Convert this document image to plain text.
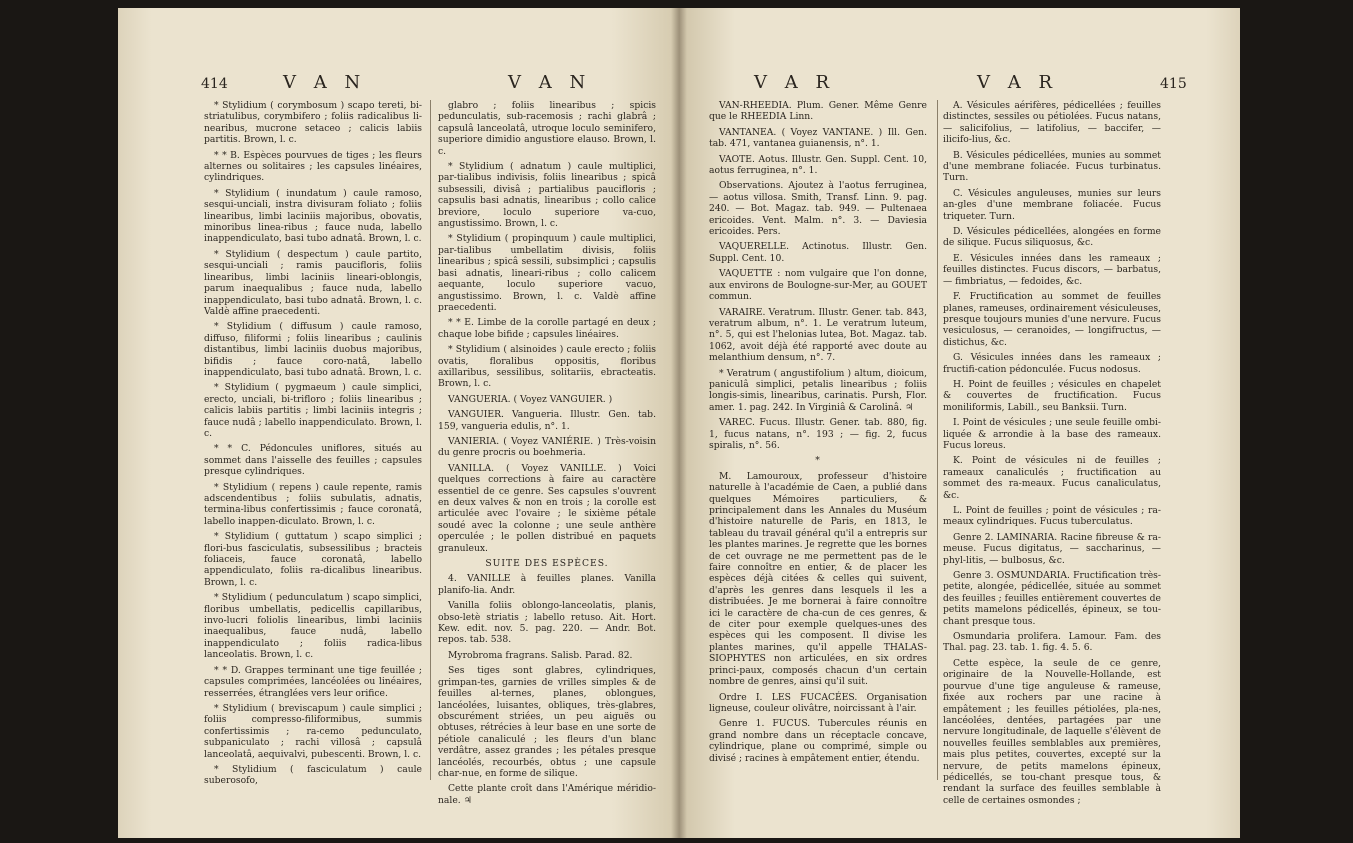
414	V A N	V A N

* Stylidium ( corymbosum ) scapo tereti, bi-striatulibus, corymbifero ; foliis radicalibus li-nearibus, mucrone setaceo ; calicis labiis partitis. Brown, l. c.

* * B. Espèces pourvues de tiges ; les fleurs alternes ou solitaires ; les capsules linéaires, cylindriques.

* Stylidium ( inundatum ) caule ramoso, sesqui-unciali, instra divisuram foliato ; foliis linearibus, limbi laciniis majoribus, obovatis, minoribus linea-ribus ; fauce nuda, labello inappendiculato, basi tubo adnatâ. Brown, l. c.

* Stylidium ( despectum ) caule partito, sesqui-unciali ; ramis paucifloris, foliis linearibus, limbi laciniis lineari-oblongis, parum inaequalibus ; fauce nuda, labello inappendiculato, basi tubo adnatâ. Brown, l. c. Valdè affine praecedenti.

* Stylidium ( diffusum ) caule ramoso, diffuso, filiformi ; foliis linearibus ; caulinis distantibus, limbi laciniis duobus majoribus, bifidis ; fauce coro-natâ, labello inappendiculato, basi tubo adnatâ. Brown, l. c.

* Stylidium ( pygmaeum ) caule simplici, erecto, unciali, bi-trifloro ; foliis linearibus ; calicis labiis partitis ; limbi laciniis integris ; fauce nudâ ; labello inappendiculato. Brown, l. c.

* * C. Pédoncules uniflores, situés au sommet dans l'aisselle des feuilles ; capsules presque cylindriques.

* Stylidium ( repens ) caule repente, ramis adscendentibus ; foliis subulatis, adnatis, termina-libus confertissimis ; fauce coronatâ, labello inappen-diculato. Brown, l. c.

* Stylidium ( guttatum ) scapo simplici ; flori-bus fasciculatis, subsessilibus ; bracteis foliaceis, fauce coronatâ, labello appendiculato, foliis ra-dicalibus linearibus. Brown, l. c.

* Stylidium ( pedunculatum ) scapo simplici, floribus umbellatis, pedicellis capillaribus, invo-lucri foliolis linearibus, limbi laciniis inaequalibus, fauce nudâ, labello inappendiculato ; foliis radica-libus lanceolatis. Brown, l. c.

* * D. Grappes terminant une tige feuillée ; capsules comprimées, lancéolées ou linéaires, resserrées, étranglées vers leur orifice.

* Stylidium ( breviscapum ) caule simplici ; foliis compresso-filiformibus, summis confertissimis ; ra-cemo pedunculato, subpaniculato ; rachi villosâ ; capsulâ lanceolatâ, aequivalvi, pubescenti. Brown, l. c.

* Stylidium ( fasciculatum ) caule suberosofo,

glabro ; foliis linearibus ; spicis pedunculatis, sub-racemosis ; rachi glabrâ ; capsulâ lanceolatâ, utroque loculo seminifero, superiore dimidio angustiore elauso. Brown, l. c.

* Stylidium ( adnatum ) caule multiplici, par-tialibus indivisis, foliis linearibus ; spicâ subsessili, divisâ ; partialibus paucifloris ; capsulis basi adnatis, linearibus ; collo calice breviore, loculo superiore va-cuo, angustissimo. Brown, l. c.

* Stylidium ( propinquum ) caule multiplici, par-tialibus umbellatim divisis, foliis linearibus ; spicâ sessili, subsimplici ; capsulis basi adnatis, lineari-ribus ; collo calicem aequante, loculo superiore vacuo, angustissimo. Brown, l. c. Valdè affine praecedenti.

* * E. Limbe de la corolle partagé en deux ; chaque lobe bifide ; capsules linéaires.

* Stylidium ( alsinoides ) caule erecto ; foliis ovatis, floralibus oppositis, floribus axillaribus, sessilibus, solitariis, ebracteatis. Brown, l. c.

VANGUERIA. ( Voyez VANGUIER. )

VANGUIER. Vangueria. Illustr. Gen. tab. 159, vangueria edulis, n°. 1.

VANIERIA. ( Voyez VANIÉRIE. ) Très-voisin du genre procris ou boehmeria.

VANILLA. ( Voyez VANILLE. ) Voici quelques corrections à faire au caractère essentiel de ce genre. Ses capsules s'ouvrent en deux valves & non en trois ; la corolle est articulée avec l'ovaire ; le sixième pétale soudé avec la colonne ; une seule anthère operculée ; le pollen distribué en paquets granuleux.

SUITE DES ESPÈCES.

4. VANILLE à feuilles planes. Vanilla planifo-lia. Andr.

Vanilla foliis oblongo-lanceolatis, planis, obso-letè striatis ; labello retuso. Ait. Hort. Kew. edit. nov. 5. pag. 220. — Andr. Bot. repos. tab. 538.

Myrobroma fragrans. Salisb. Parad. 82.

Ses tiges sont glabres, cylindriques, grimpan-tes, garnies de vrilles simples & de feuilles al-ternes, planes, oblongues, lancéolées, luisantes, obliques, très-glabres, obscurément striées, un peu aiguës ou obtuses, rétrécies à leur base en une sorte de pétiole canaliculé ; les fleurs d'un blanc verdâtre, assez grandes ; les pétales presque lancéolés, recourbés, obtus ; une capsule char-nue, en forme de silique.

Cette plante croît dans l'Amérique méridio-nale. ♃

V A R	V A R	415

VAN-RHEEDIA. Plum. Gener. Même Genre que le RHEEDIA Linn.

VANTANEA. ( Voyez VANTANE. ) Ill. Gen. tab. 471, vantanea guianensis, n°. 1.

VAOTE. Aotus. Illustr. Gen. Suppl. Cent. 10, aotus ferruginea, n°. 1.

Observations. Ajoutez à l'aotus ferruginea, — aotus villosa. Smith, Transf. Linn. 9. pag. 240. — Bot. Magaz. tab. 949. — Pultenaea ericoides. Vent. Malm. n°. 3. — Daviesia ericoides. Pers.

VAQUERELLE. Actinotus. Illustr. Gen. Suppl. Cent. 10.

VAQUETTE : nom vulgaire que l'on donne, aux environs de Boulogne-sur-Mer, au GOUET commun.

VARAIRE. Veratrum. Illustr. Gener. tab. 843, veratrum album, n°. 1. Le veratrum luteum, n°. 5, qui est l'helonias lutea, Bot. Magaz. tab. 1062, avoit déjà été rapporté avec doute au melanthium densum, n°. 7.

* Veratrum ( angustifolium ) altum, dioicum, paniculâ simplici, petalis linearibus ; foliis longis-simis, linearibus, carinatis. Pursh, Flor. amer. 1. pag. 242. In Virginiâ & Carolinâ. ♃

VAREC. Fucus. Illustr. Gener. tab. 880, fig. 1, fucus natans, n°. 193 ; — fig. 2, fucus spiralis, n°. 56.

*

M. Lamouroux, professeur d'histoire naturelle à l'académie de Caen, a publié dans quelques Mémoires particuliers, & principalement dans les Annales du Muséum d'histoire naturelle de Paris, en 1813, le tableau du travail général qu'il a entrepris sur les plantes marines. Je regrette que les bornes de cet ouvrage ne me permettent pas de le faire connoître en entier, & de placer les espèces déjà citées & celles qui suivent, d'après les genres dans lesquels il les a distribuées. Je me bornerai à faire connoître ici le caractère de cha-cun de ces genres, & de citer pour exemple quelques-unes des espèces qui les composent. Il divise les plantes marines, qu'il appelle THALAS-SIOPHYTES non articulées, en six ordres princi-paux, composés chacun d'un certain nombre de genres, ainsi qu'il suit.

Ordre I. LES FUCACÉES. Organisation ligneuse, couleur olivâtre, noircissant à l'air.

Genre 1. FUCUS. Tubercules réunis en grand nombre dans un réceptacle concave, cylindrique, plane ou comprimé, simple ou divisé ; racines à empâtement entier, étendu.

A. Vésicules aérifères, pédicellées ; feuilles distinctes, sessiles ou pétiolées. Fucus natans, — salicifolius, — latifolius, — baccifer, — ilicifo-lius, &c.

B. Vésicules pédicellées, munies au sommet d'une membrane foliacée. Fucus turbinatus. Turn.

C. Vésicules anguleuses, munies sur leurs an-gles d'une membrane foliacée. Fucus triqueter. Turn.

D. Vésicules pédicellées, alongées en forme de silique. Fucus siliquosus, &c.

E. Vésicules innées dans les rameaux ; feuilles distinctes. Fucus discors, — barbatus, — fimbriatus, — fedoides, &c.

F. Fructification au sommet de feuilles planes, rameuses, ordinairement vésiculeuses, presque toujours munies d'une nervure. Fucus vesiculosus, — ceranoides, — longifructus, — distichus, &c.

G. Vésicules innées dans les rameaux ; fructifi-cation pédonculée. Fucus nodosus.

H. Point de feuilles ; vésicules en chapelet & couvertes de fructification. Fucus moniliformis, Labill., seu Banksii. Turn.

I. Point de vésicules ; une seule feuille ombi-liquée & arrondie à la base des rameaux. Fucus loreus.

K. Point de vésicules ni de feuilles ; rameaux canaliculés ; fructification au sommet des ra-meaux. Fucus canaliculatus, &c.

L. Point de feuilles ; point de vésicules ; ra-meaux cylindriques. Fucus tuberculatus.

Genre 2. LAMINARIA. Racine fibreuse & ra-meuse. Fucus digitatus, — saccharinus, — phyl-litis, — bulbosus, &c.

Genre 3. OSMUNDARIA. Fructification très-petite, alongée, pédicellée, située au sommet des feuilles ; feuilles entièrement couvertes de petits mamelons pédicellés, épineux, se tou-chant presque tous.

Osmundaria prolifera. Lamour. Fam. des Thal. pag. 23. tab. 1. fig. 4. 5. 6.

Cette espèce, la seule de ce genre, originaire de la Nouvelle-Hollande, est pourvue d'une tige anguleuse & rameuse, fixée aux rochers par une racine à empâtement ; les feuilles pétiolées, pla-nes, lancéolées, dentées, partagées par une nervure longitudinale, de laquelle s'élèvent de nouvelles feuilles semblables aux premières, mais plus petites, couvertes, excepté sur la nervure, de petits mamelons épineux, pédicellés, se tou-chant presque tous, & rendant la surface des feuilles semblable à celle de certaines osmondes ;
